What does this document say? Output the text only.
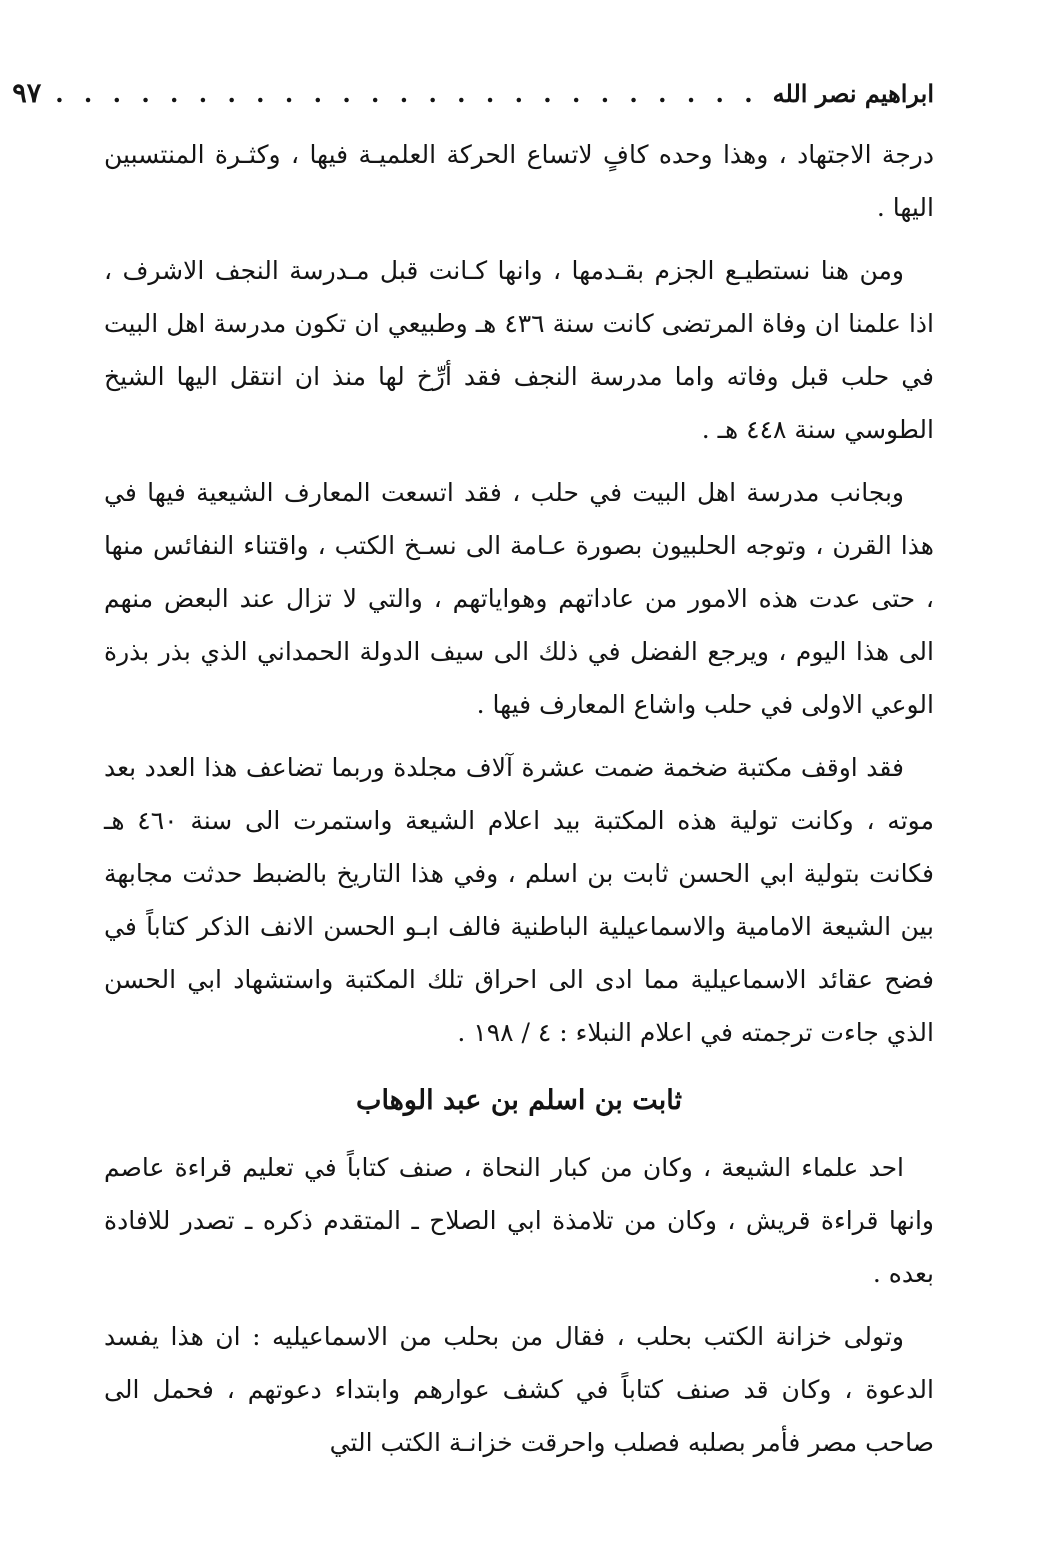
ابراهيم نصر الله
. . . . . . . . . . . . . . . . . . . . . . . . .
٩٧

درجة الاجتهاد ، وهذا وحده كافٍ لاتساع الحركة العلميـة فيها ، وكثـرة المنتسبين اليها .

ومن هنا نستطيـع الجزم بقـدمها ، وانها كـانت قبل مـدرسة النجف الاشرف ، اذا علمنا ان وفاة المرتضى كانت سنة ٤٣٦ هـ وطبيعي ان تكون مدرسة اهل البيت في حلب قبل وفاته واما مدرسة النجف فقد أرِّخ لها منذ ان انتقل اليها الشيخ الطوسي سنة ٤٤٨ هـ .

وبجانب مدرسة اهل البيت في حلب ، فقد اتسعت المعارف الشيعية فيها في هذا القرن ، وتوجه الحلبيون بصورة عـامة الى نسـخ الكتب ، واقتناء النفائس منها ، حتى عدت هذه الامور من عاداتهم وهواياتهم ، والتي لا تزال عند البعض منهم الى هذا اليوم ، ويرجع الفضل في ذلك الى سيف الدولة الحمداني الذي بذر بذرة الوعي الاولى في حلب واشاع المعارف فيها .

فقد اوقف مكتبة ضخمة ضمت عشرة آلاف مجلدة وربما تضاعف هذا العدد بعد موته ، وكانت تولية هذه المكتبة بيد اعلام الشيعة واستمرت الى سنة ٤٦٠ هـ فكانت بتولية ابي الحسن ثابت بن اسلم ، وفي هذا التاريخ بالضبط حدثت مجابهة بين الشيعة الامامية والاسماعيلية الباطنية فالف ابـو الحسن الانف الذكر كتاباً في فضح عقائد الاسماعيلية مما ادى الى احراق تلك المكتبة واستشهاد ابي الحسن الذي جاءت ترجمته في اعلام النبلاء : ٤ / ١٩٨ .

ثابت بن اسلم بن عبد الوهاب

احد علماء الشيعة ، وكان من كبار النحاة ، صنف كتاباً في تعليم قراءة عاصم وانها قراءة قريش ، وكان من تلامذة ابي الصلاح ـ المتقدم ذكره ـ تصدر للافادة بعده .

وتولى خزانة الكتب بحلب ، فقال من بحلب من الاسماعيليه : ان هذا يفسد الدعوة ، وكان قد صنف كتاباً في كشف عوارهم وابتداء دعوتهم ، فحمل الى صاحب مصر فأمر بصلبه فصلب واحرقت خزانـة الكتب التي
